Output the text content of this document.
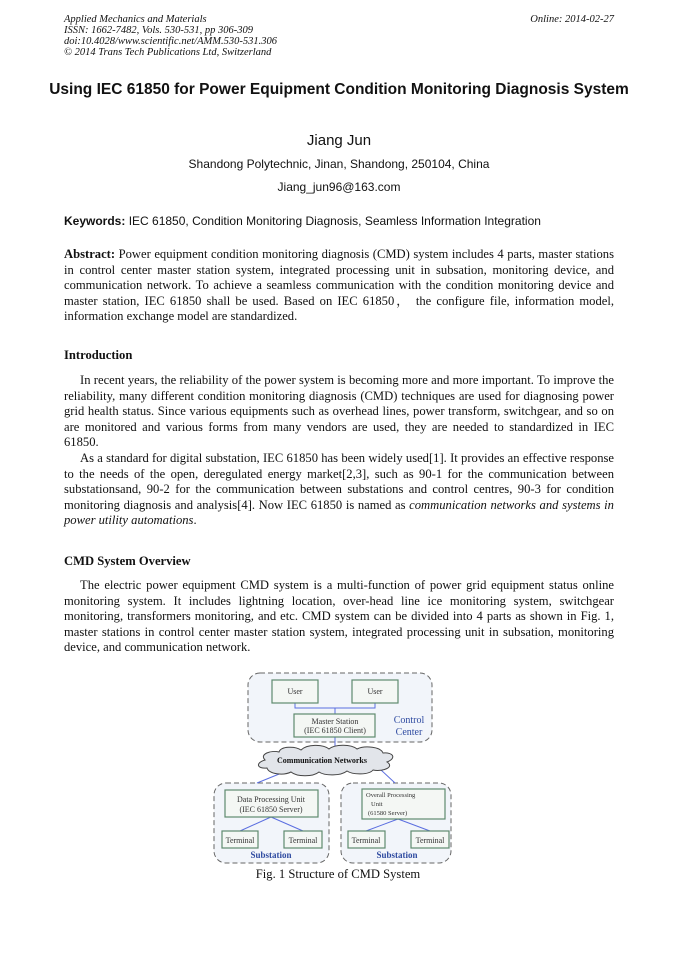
Applied Mechanics and Materials
ISSN: 1662-7482, Vols. 530-531, pp 306-309
doi:10.4028/www.scientific.net/AMM.530-531.306
© 2014 Trans Tech Publications Ltd, Switzerland
Online: 2014-02-27
Using IEC 61850 for Power Equipment Condition Monitoring Diagnosis System
Jiang Jun
Shandong Polytechnic, Jinan, Shandong, 250104, China
Jiang_jun96@163.com
Keywords: IEC 61850, Condition Monitoring Diagnosis, Seamless Information Integration
Abstract: Power equipment condition monitoring diagnosis (CMD) system includes 4 parts, master stations in control center master station system, integrated processing unit in subsation, monitoring device, and communication network. To achieve a seamless communication with the condition monitoring device and master station, IEC 61850 shall be used. Based on IEC 61850， the configure file, information model, information exchange model are standardized.
Introduction
In recent years, the reliability of the power system is becoming more and more important. To improve the reliability, many different condition monitoring diagnosis (CMD) techniques are used for diagnosing power grid health status. Since various equipments such as overhead lines, power transform, switchgear, and so on are monitored and various forms from many vendors are used, they are needed to standardized in IEC 61850.
As a standard for digital substation, IEC 61850 has been widely used[1]. It provides an effective response to the needs of the open, deregulated energy market[2,3], such as 90-1 for the communication between substationsand, 90-2 for the communication between substations and control centres, 90-3 for condition monitoring diagnosis and analysis[4]. Now IEC 61850 is named as communication networks and systems in power utility automations.
CMD System Overview
The electric power equipment CMD system is a multi-function of power grid equipment status online monitoring system. It includes lightning location, over-head line ice monitoring system, switchgear monitoring, transformers monitoring, and etc. CMD system can be divided into 4 parts as shown in Fig. 1, master stations in control center master station system, integrated processing unit in subsation, monitoring device, and communication network.
User	User
Master Station
(IEC 61850 Client)
Communication Networks
Data Processing Unit
(IEC 61850 Server)
Terminal	Terminal	Terminal	Terminal
Overall Processing
Unit
(61580 Server)
Control
Center
Substation	Substation
Fig. 1 Structure of CMD System
